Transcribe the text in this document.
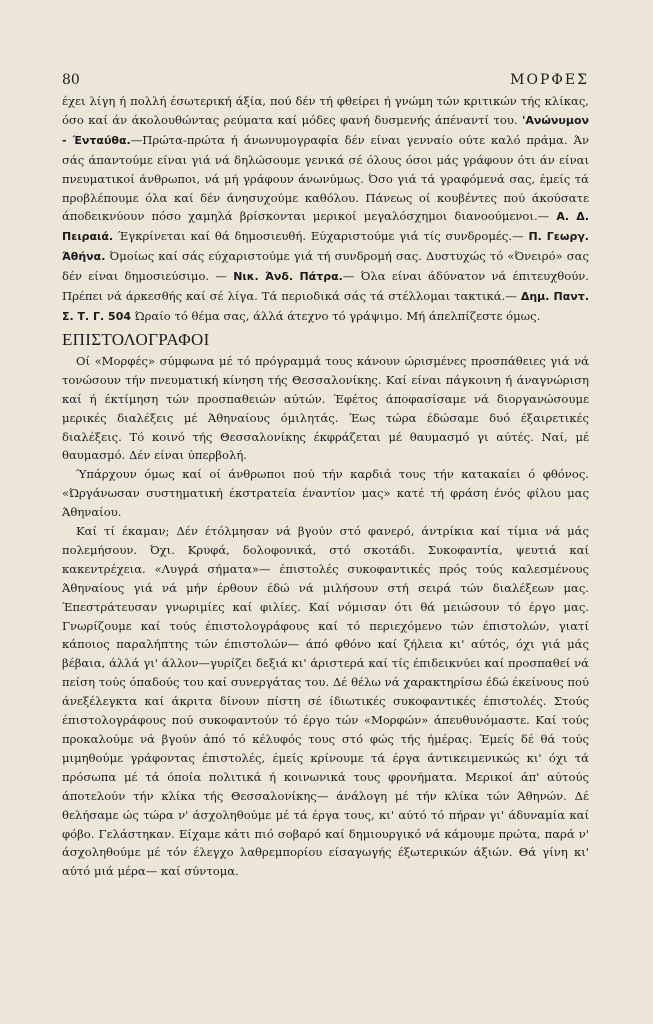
80	ΜΟΡΦΕΣ

έχει λίγη ή πολλή έσωτερική άξία, πού δέν τή φθείρει ή γνώμη τών κριτικών τής κλίκας, όσο καί άν άκολουθώντας ρεύματα καί μόδες φανή δυσμενής άπέναντί του. 'Ανώνυμον - Ένταύθα.—Πρώτα-πρώτα ή άνωνυμογραφία δέν είναι γενναίο ούτε καλό πράμα. Άν σάς άπαντούμε είναι γιά νά δηλώσουμε γενικά σέ όλους όσοι μάς γράφουν ότι άν είναι πνευματικοί άνθρωποι, νά μή γράφουν άνωνύμως. Όσο γιά τά γραφόμενά σας, έμείς τά προβλέπουμε όλα καί δέν άνησυχούμε καθόλου. Πάνεως οί κουβέντες πού άκούσατε άποδεικνύουν πόσο χαμηλά βρίσκονται μερικοί μεγαλόσχημοι διανοούμενοι.— Α. Δ. Πειραιά. Έγκρίνεται καί θά δημοσιευθή. Εύχαριστούμε γιά τίς συνδρομές.— Π. Γεωργ. Άθήνα. Όμοίως καί σάς εύχαριστούμε γιά τή συνδρομή σας. Δυστυχώς τό «Όνειρό» σας δέν είναι δημοσιεύσιμο. — Νικ. Άνδ. Πάτρα.— Όλα είναι άδύνατον νά έπιτευχθούν. Πρέπει νά άρκεσθής καί σέ λίγα. Τά περιοδικά σάς τά στέλλομαι τακτικά.— Δημ. Παντ. Σ. Τ. Γ. 504 Ώραίο τό θέμα σας, άλλά άτεχνο τό γράψιμο. Μή άπελπίζεστε όμως.

ΕΠΙΣΤΟΛΟΓΡΑΦΟΙ

Οί «Μορφές» σύμφωνα μέ τό πρόγραμμά τους κάνουν ώρισμένες προσπάθειες γιά νά τονώσουν τήν πνευματική κίνηση τής Θεσσαλονίκης. Καί είναι πάγκοινη ή άναγνώριση καί ή έκτίμηση τών προσπαθειών αύτών. Έφέτος άποφασίσαμε νά διοργανώσουμε μερικές διαλέξεις μέ Άθηναίους όμιλητάς. Έως τώρα έδώσαμε δυό έξαιρετικές διαλέξεις. Τό κοινό τής Θεσσαλονίκης έκφράζεται μέ θαυμασμό γι αύτές. Ναί, μέ θαυμασμό. Δέν είναι ύπερβολή.

Ύπάρχουν όμως καί οί άνθρωποι πού τήν καρδιά τους τήν κατακαίει ό φθόνος. «Ώργάνωσαν συστηματική έκστρατεία έναντίον μας» κατέ τή φράση ένός φίλου μας Άθηναίου.

Καί τί έκαμαν; Δέν έτόλμησαν νά βγούν στό φανερό, άντρίκια καί τίμια νά μάς πολεμήσουν. Όχι. Κρυφά, δολοφονικά, στό σκοτάδι. Συκοφαντία, ψευτιά καί κακεντρέχεια. «Λυγρά σήματα»— έπιστολές συκοφαντικές πρός τούς καλεσμένους Άθηναίους γιά νά μήν έρθουν έδώ νά μιλήσουν στή σειρά τών διαλέξεων μας. Έπεστράτευσαν γνωριμίες καί φιλίες. Καί νόμισαν ότι θά μειώσουν τό έργο μας. Γνωρίζουμε καί τούς έπιστολογράφους καί τό περιεχόμενο τών έπιστολών, γιατί κάποιος παραλήπτης τών έπιστολών— άπό φθόνο καί ζήλεια κι' αύτός, όχι γιά μάς βέβαια, άλλά γι' άλλον—γυρίζει δεξιά κι' άριστερά καί τίς έπιδεικνύει καί προσπαθεί νά πείση τούς όπαδούς του καί συνεργάτας του. Δέ θέλω νά χαρακτηρίσω έδώ έκείνους πού άνεξέλεγκτα καί άκριτα δίνουν πίστη σέ ίδιωτικές συκοφαντικές έπιστολές. Στούς έπιστολογράφους πού συκοφαντούν τό έργο τών «Μορφών» άπευθυνόμαστε. Καί τούς προκαλούμε νά βγούν άπό τό κέλυφός τους στό φώς τής ήμέρας. Έμείς δέ θά τούς μιμηθούμε γράφοντας έπιστολές, έμείς κρίνουμε τά έργα άντικειμενικώς κι' όχι τά πρόσωπα μέ τά όποία πολιτικά ή κοινωνικά τους φρονήματα. Μερικοί άπ' αύτούς άποτελούν τήν κλίκα τής Θεσσαλονίκης— άνάλογη μέ τήν κλίκα τών Άθηνών. Δέ θελήσαμε ώς τώρα ν' άσχοληθούμε μέ τά έργα τους, κι' αύτό τό πήραν γι' άδυναμία καί φόβο. Γελάστηκαν. Είχαμε κάτι πιό σοβαρό καί δημιουργικό νά κάμουμε πρώτα, παρά ν' άσχοληθούμε μέ τόν έλεγχο λαθρεμπορίου είσαγωγής έξωτερικών άξιών. Θά γίνη κι' αύτό μιά μέρα— καί σύντομα.
